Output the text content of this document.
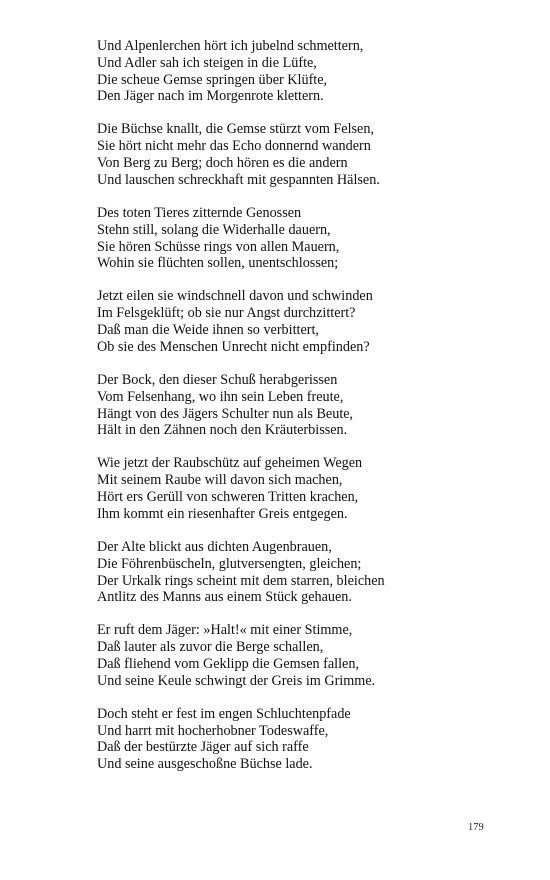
Und Alpenlerchen hört ich jubelnd schmettern,
Und Adler sah ich steigen in die Lüfte,
Die scheue Gemse springen über Klüfte,
Den Jäger nach im Morgenrote klettern.
Die Büchse knallt, die Gemse stürzt vom Felsen,
Sie hört nicht mehr das Echo donnernd wandern
Von Berg zu Berg; doch hören es die andern
Und lauschen schreckhaft mit gespannten Hälsen.
Des toten Tieres zitternde Genossen
Stehn still, solang die Widerhalle dauern,
Sie hören Schüsse rings von allen Mauern,
Wohin sie flüchten sollen, unentschlossen;
Jetzt eilen sie windschnell davon und schwinden
Im Felsgeklüft; ob sie nur Angst durchzittert?
Daß man die Weide ihnen so verbittert,
Ob sie des Menschen Unrecht nicht empfinden?
Der Bock, den dieser Schuß herabgerissen
Vom Felsenhang, wo ihn sein Leben freute,
Hängt von des Jägers Schulter nun als Beute,
Hält in den Zähnen noch den Kräuterbissen.
Wie jetzt der Raubschütz auf geheimen Wegen
Mit seinem Raube will davon sich machen,
Hört ers Gerüll von schweren Tritten krachen,
Ihm kommt ein riesenhafter Greis entgegen.
Der Alte blickt aus dichten Augenbrauen,
Die Föhrenbüscheln, glutversengten, gleichen;
Der Urkalk rings scheint mit dem starren, bleichen
Antlitz des Manns aus einem Stück gehauen.
Er ruft dem Jäger: »Halt!« mit einer Stimme,
Daß lauter als zuvor die Berge schallen,
Daß fliehend vom Geklipp die Gemsen fallen,
Und seine Keule schwingt der Greis im Grimme.
Doch steht er fest im engen Schluchtenpfade
Und harrt mit hocherhobner Todeswaffe,
Daß der bestürzte Jäger auf sich raffe
Und seine ausgeschoßne Büchse lade.
179
